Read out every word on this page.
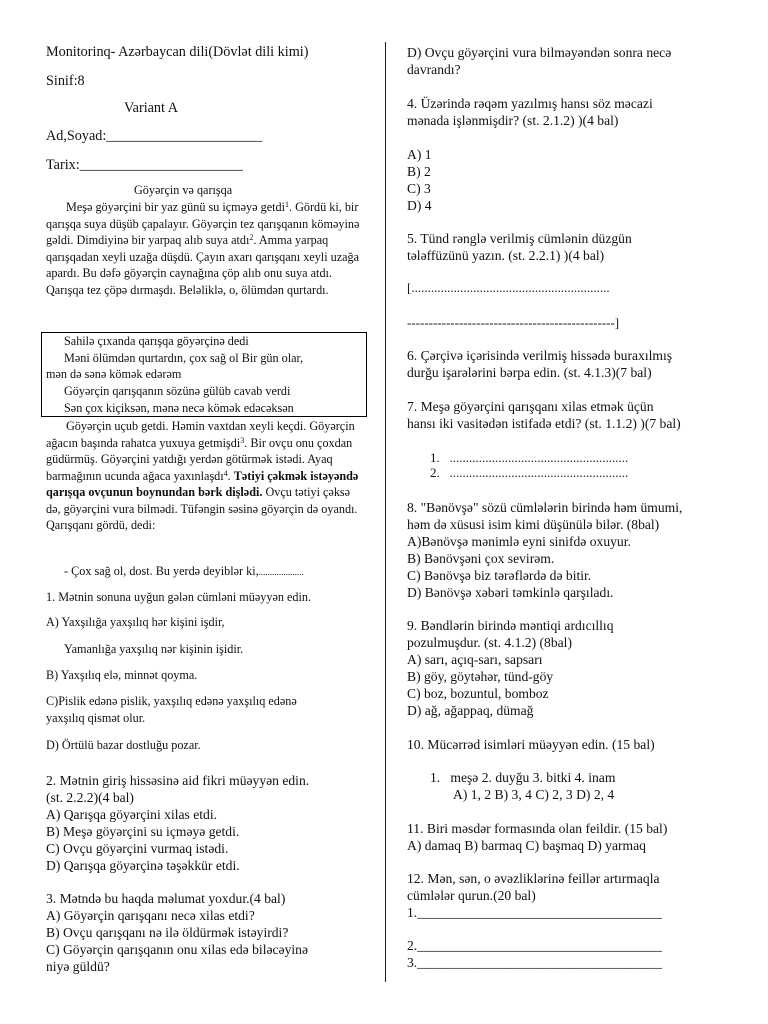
Monitorinq- Azərbaycan dili(Dövlət dili kimi)
Sinif:8
Variant A
Ad,Soyad:______________________
Tarix:_______________________
Göyərçin və qarışqa

Meşə göyərçini bir yaz günü su içməyə getdi$^1$. Gördü ki, bir qarışqa suya düşüb çapalayır. Göyərçin tez qarışqanın köməyinə gəldi. Dimdiyinə bir yarpaq alıb suya atdı$^2$. Amma yarpaq qarışqadan xeyli uzağa düşdü. Çayın axarı qarışqanı xeyli uzağa apardı. Bu dəfə göyərçin caynağına çöp alıb onu suya atdı. Qarışqa tez çöpə dırmaşdı. Beləliklə, o, ölümdən qurtardı.

Sahilə çıxanda qarışqa göyərçinə dedi
Məni ölümdən qurtardın, çox sağ ol Bir gün olar,
mən də sənə kömək edərəm
Göyərçin qarışqanın sözünə gülüb cavab verdi
Sən çox kiçiksən, mənə necə kömək edəcəksən

Göyərçin uçub getdi. Həmin vaxtdan xeyli keçdi. Göyərçin ağacın başında rahatca yuxuya getmişdi$^3$. Bir ovçu onu çoxdan güdürmüş. Göyərçini yatdığı yerdən götürmək istədi. Ayaq barmağının ucunda ağaca yaxınlaşdı$^4$. Tətiyi çəkmək istəyəndə qarışqa ovçunun boynundan bərk dişlədi. Ovçu tətiyi çəksə də, göyərçini vura bilmədi. Tüfəngin səsinə göyərçin də oyandı. Qarışqanı gördü, dedi:

- Çox sağ ol, dost. Bu yerdə deyiblər ki,....................
1. Mətnin sonuna uyğun gələn cümləni müəyyən edin.
A) Yaxşılığa yaxşılıq hər kişini işdir,
Yamanlığa yaxşılıq nər kişinin işidir.
B) Yaxşılıq elə, minnət qoyma.
C)Pislik edənə pislik, yaxşılıq edənə yaxşılıq edənə
yaxşılıq qismət olur.
D) Örtülü bazar dostluğu pozar.
2. Mətnin giriş hissəsinə aid fikri müəyyən edin.
(st. 2.2.2)(4 bal)
A) Qarışqa göyərçini xilas etdi.
B) Meşə göyərçini su içməyə getdi.
C) Ovçu göyərçini vurmaq istədi.
D) Qarışqa göyərçinə təşəkkür etdi.
3. Mətndə bu haqda məlumat yoxdur.(4 bal)
A) Göyərçin qarışqanı necə xilas etdi?
B) Ovçu qarışqanı nə ilə öldürmək istəyirdi?
C) Göyərçin qarışqanın onu xilas edə biləcəyinə
niyə güldü?
D) Ovçu göyərçini vura bilməyəndən sonra necə
davrandı?
4. Üzərində rəqəm yazılmış hansı söz məcazi
mənada işlənmişdir? (st. 2.1.2) )(4 bal)
A) 1
B) 2
C) 3
D) 4
5. Tünd rənglə verilmiş cümlənin düzgün
tələffüzünü yazın. (st. 2.2.1) )(4 bal)
[.............................................................
------------------------------------------------]
6. Çərçivə içərisində verilmiş hissədə buraxılmış
durğu işarələrini bərpa edin. (st. 4.1.3)(7 bal)
7. Meşə göyərçini qarışqanı xilas etmək üçün
hansı iki vasitədən istifadə etdi? (st. 1.1.2) )(7 bal)
1. .......................................................
2. .......................................................
8. "Bənövşə" sözü cümlələrin birində həm ümumi,
həm də xüsusi isim kimi düşünülə bilər. (8bal)
A)Bənövşə mənimlə eyni sinifdə oxuyur.
B) Bənövşəni çox sevirəm.
C) Bənövşə biz tərəflərdə də bitir.
D) Bənövşə xəbəri təmkinlə qarşıladı.
9. Bəndlərin birində məntiqi ardıcıllıq
pozulmuşdur. (st. 4.1.2) (8bal)
A) sarı, açıq-sarı, sapsarı
B) göy, göytəhər, tünd-göy
C) boz, bozuntul, bomboz
D) ağ, ağappaq, dümağ
10. Mücərrəd isimləri müəyyən edin. (15 bal)
1. meşə 2. duyğu 3. bitki 4. inam
A) 1, 2 B) 3, 4 C) 2, 3 D) 2, 4
11. Biri məsdər formasında olan feildir. (15 bal)
A) damaq B) barmaq C) başmaq D) yarmaq
12. Mən, sən, o əvəzliklərinə feillər artırmaqla
cümlələr qurun.(20 bal)
1.____________________________________
2.____________________________________
3.____________________________________
